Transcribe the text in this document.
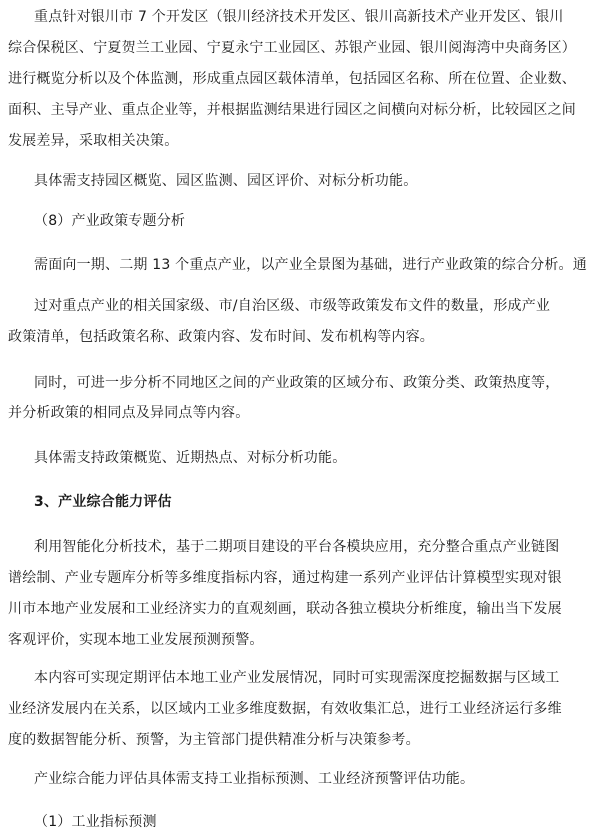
重点针对银川市 7 个开发区（银川经济技术开发区、银川高新技术产业开发区、银川
综合保税区、宁夏贺兰工业园、宁夏永宁工业园区、苏银产业园、银川阅海湾中央商务区）
进行概览分析以及个体监测，形成重点园区载体清单，包括园区名称、所在位置、企业数、
面积、主导产业、重点企业等，并根据监测结果进行园区之间横向对标分析，比较园区之间
发展差异，采取相关决策。
具体需支持园区概览、园区监测、园区评价、对标分析功能。
（8）产业政策专题分析
需面向一期、二期 13 个重点产业，以产业全景图为基础，进行产业政策的综合分析。通
过对重点产业的相关国家级、市/自治区级、市级等政策发布文件的数量，形成产业
政策清单，包括政策名称、政策内容、发布时间、发布机构等内容。
同时，可进一步分析不同地区之间的产业政策的区域分布、政策分类、政策热度等，
并分析政策的相同点及异同点等内容。
具体需支持政策概览、近期热点、对标分析功能。
3、产业综合能力评估
利用智能化分析技术，基于二期项目建设的平台各模块应用，充分整合重点产业链图
谱绘制、产业专题库分析等多维度指标内容，通过构建一系列产业评估计算模型实现对银
川市本地产业发展和工业经济实力的直观刻画，联动各独立模块分析维度，输出当下发展
客观评价，实现本地工业发展预测预警。
本内容可实现定期评估本地工业产业发展情况，同时可实现需深度挖掘数据与区域工
业经济发展内在关系，以区域内工业多维度数据，有效收集汇总，进行工业经济运行多维
度的数据智能分析、预警，为主管部门提供精准分析与决策参考。
产业综合能力评估具体需支持工业指标预测、工业经济预警评估功能。
（1）工业指标预测
